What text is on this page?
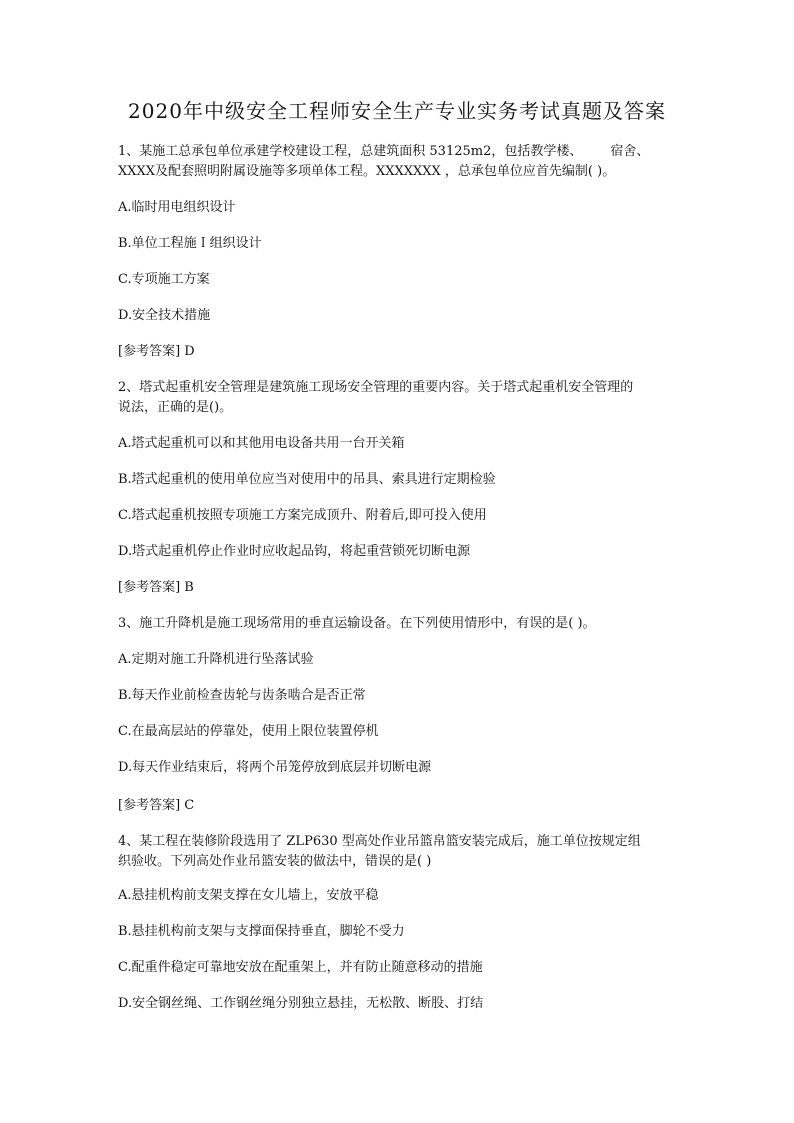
2020年中级安全工程师安全生产专业实务考试真题及答案
1、某施工总承包单位承建学校建设工程，总建筑面积 53125m2，包括教学楼、 宿舍、
XXXX及配套照明附属设施等多项单体工程。XXXXXXX ，总承包单位应首先编制( )。
A.临时用电组织设计
B.单位工程施Ｉ组织设计
C.专项施工方案
D.安全技术措施
[参考答案] D
2、塔式起重机安全管理是建筑施工现场安全管理的重要内容。关于塔式起重机安全管理的
说法，正确的是()。
A.塔式起重机可以和其他用电设备共用一台开关箱
B.塔式起重机的使用单位应当对使用中的吊具、索具进行定期检验
C.塔式起重机按照专项施工方案完成顶升、附着后,即可投入使用
D.塔式起重机停止作业时应收起品钩，将起重营锁死切断电源
[参考答案] B
3、施工升降机是施工现场常用的垂直运输设备。在下列使用情形中，有误的是( )。
A.定期对施工升降机进行坠落试验
B.每天作业前检查齿轮与齿条啮合是否正常
C.在最高层站的停靠处，使用上限位装置停机
D.每天作业结束后，将两个吊笼停放到底层并切断电源
[参考答案] C
4、某工程在装修阶段选用了 ZLP630 型高处作业吊篮帛篮安装完成后，施工单位按规定组
织验收。下列高处作业吊篮安装的做法中，错误的是( )
A.悬挂机构前支架支撑在女儿墙上，安放平稳
B.悬挂机构前支架与支撑面保持垂直，脚轮不受力
C.配重件稳定可靠地安放在配重架上，并有防止随意移动的措施
D.安全钢丝绳、工作钢丝绳分别独立悬挂，无松散、断股、打结
